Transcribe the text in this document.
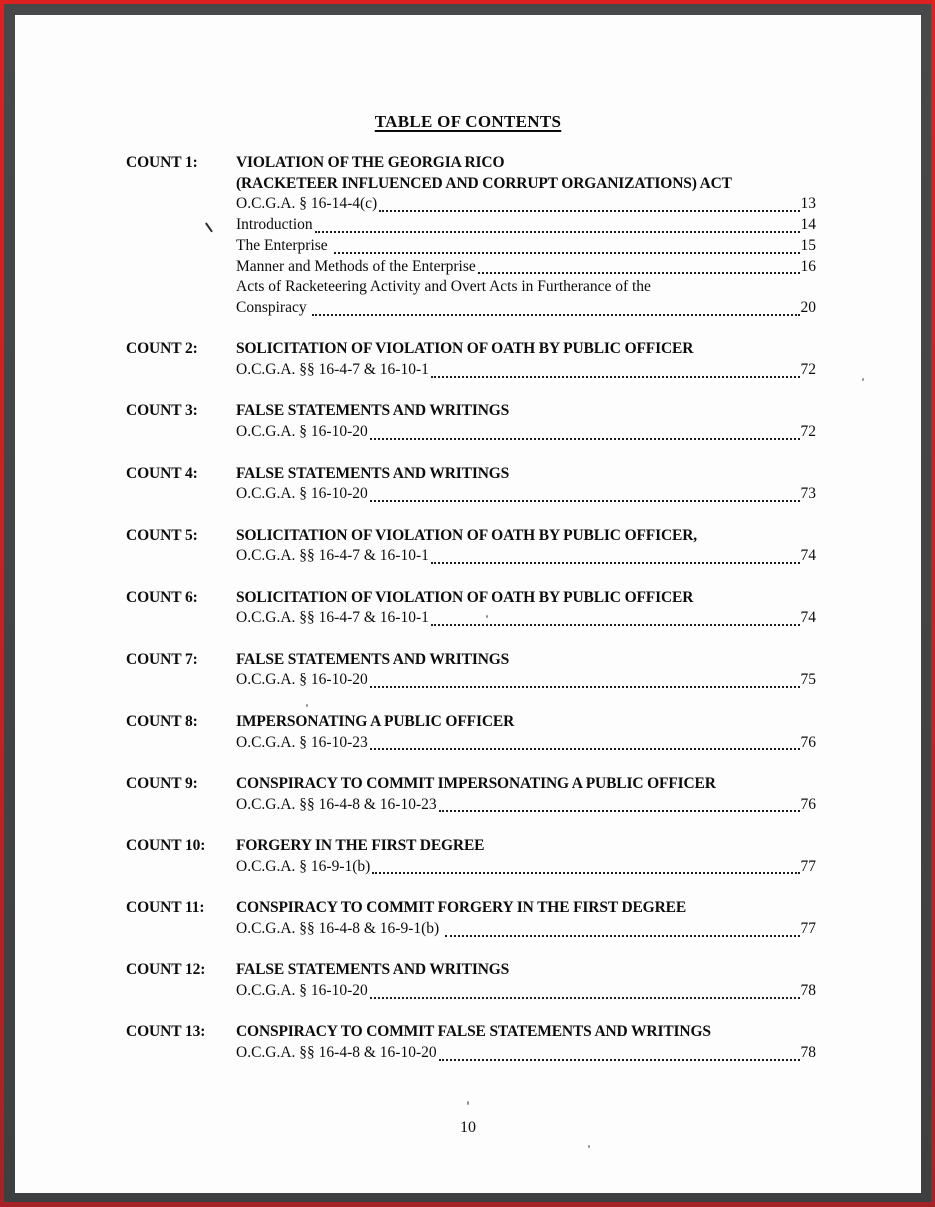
TABLE OF CONTENTS
COUNT 1:	VIOLATION OF THE GEORGIA RICO
(RACKETEER INFLUENCED AND CORRUPT ORGANIZATIONS) ACT
O.C.G.A. § 16-14-4(c)	13
Introduction	14
The Enterprise	15
Manner and Methods of the Enterprise	16
Acts of Racketeering Activity and Overt Acts in Furtherance of the
Conspiracy	20
COUNT 2:	SOLICITATION OF VIOLATION OF OATH BY PUBLIC OFFICER
O.C.G.A. §§ 16-4-7 & 16-10-1	72
COUNT 3:	FALSE STATEMENTS AND WRITINGS
O.C.G.A. § 16-10-20	72
COUNT 4:	FALSE STATEMENTS AND WRITINGS
O.C.G.A. § 16-10-20	73
COUNT 5:	SOLICITATION OF VIOLATION OF OATH BY PUBLIC OFFICER,
O.C.G.A. §§ 16-4-7 & 16-10-1	74
COUNT 6:	SOLICITATION OF VIOLATION OF OATH BY PUBLIC OFFICER
O.C.G.A. §§ 16-4-7 & 16-10-1	74
COUNT 7:	FALSE STATEMENTS AND WRITINGS
O.C.G.A. § 16-10-20	75
COUNT 8:	IMPERSONATING A PUBLIC OFFICER
O.C.G.A. § 16-10-23	76
COUNT 9:	CONSPIRACY TO COMMIT IMPERSONATING A PUBLIC OFFICER
O.C.G.A. §§ 16-4-8 & 16-10-23	76
COUNT 10:	FORGERY IN THE FIRST DEGREE
O.C.G.A. § 16-9-1(b)	77
COUNT 11:	CONSPIRACY TO COMMIT FORGERY IN THE FIRST DEGREE
O.C.G.A. §§ 16-4-8 & 16-9-1(b)	77
COUNT 12:	FALSE STATEMENTS AND WRITINGS
O.C.G.A. § 16-10-20	78
COUNT 13:	CONSPIRACY TO COMMIT FALSE STATEMENTS AND WRITINGS
O.C.G.A. §§ 16-4-8 & 16-10-20	78
10
